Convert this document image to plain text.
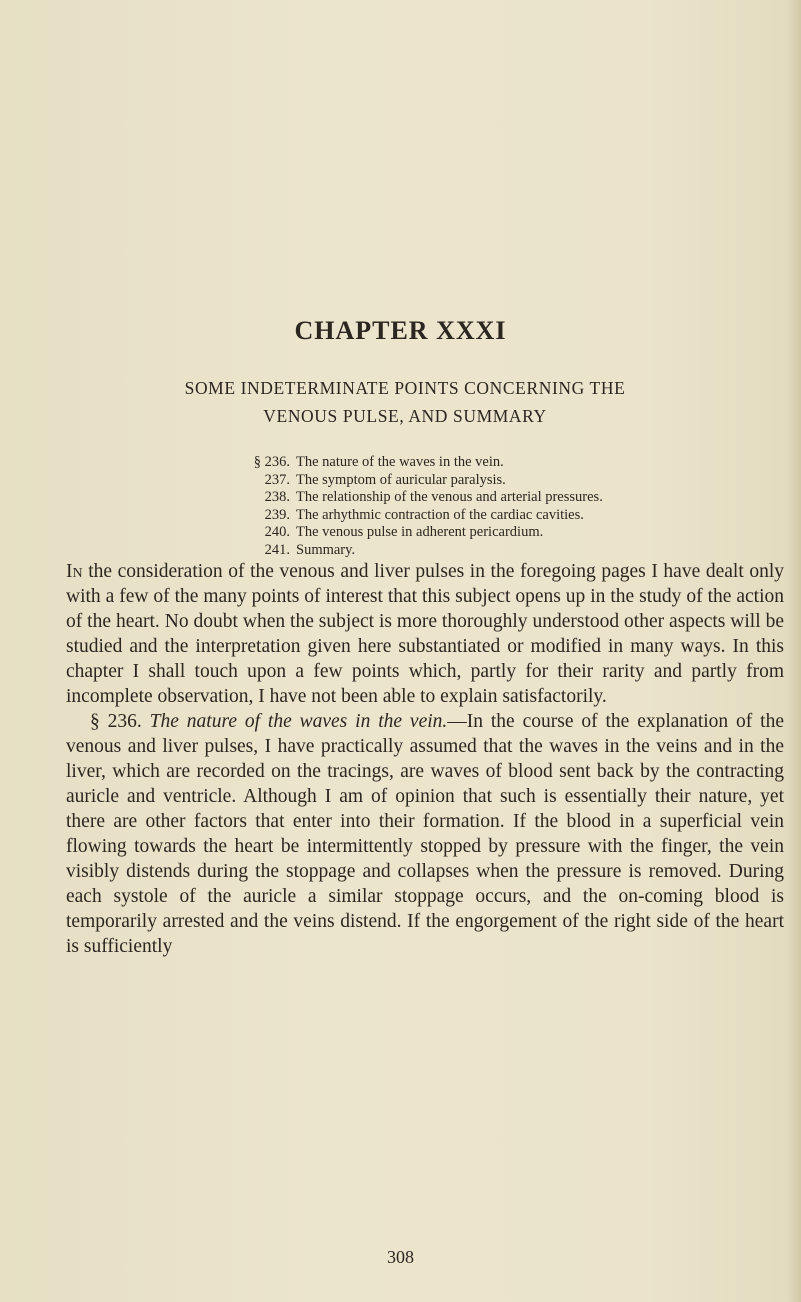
CHAPTER XXXI
SOME INDETERMINATE POINTS CONCERNING THE
VENOUS PULSE, AND SUMMARY
§ 236. The nature of the waves in the vein.
237. The symptom of auricular paralysis.
238. The relationship of the venous and arterial pressures.
239. The arhythmic contraction of the cardiac cavities.
240. The venous pulse in adherent pericardium.
241. Summary.

In the consideration of the venous and liver pulses in the foregoing pages I have dealt only with a few of the many points of interest that this subject opens up in the study of the action of the heart. No doubt when the subject is more thoroughly understood other aspects will be studied and the interpretation given here substantiated or modified in many ways. In this chapter I shall touch upon a few points which, partly for their rarity and partly from incomplete observation, I have not been able to explain satisfactorily.

§ 236. The nature of the waves in the vein.—In the course of the explanation of the venous and liver pulses, I have practically assumed that the waves in the veins and in the liver, which are recorded on the tracings, are waves of blood sent back by the contracting auricle and ventricle. Although I am of opinion that such is essentially their nature, yet there are other factors that enter into their formation. If the blood in a superficial vein flowing towards the heart be intermittently stopped by pressure with the finger, the vein visibly distends during the stoppage and collapses when the pressure is removed. During each systole of the auricle a similar stoppage occurs, and the on-coming blood is temporarily arrested and the veins distend. If the engorgement of the right side of the heart is sufficiently

308
